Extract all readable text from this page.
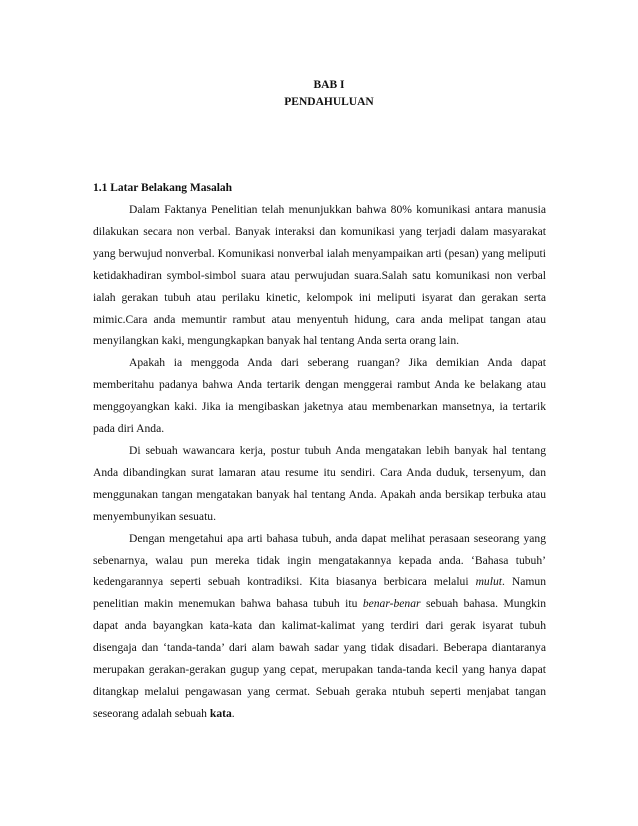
BAB I
PENDAHULUAN
1.1 Latar Belakang Masalah

Dalam Faktanya Penelitian telah menunjukkan bahwa 80% komunikasi antara manusia dilakukan secara non verbal. Banyak interaksi dan komunikasi yang terjadi dalam masyarakat yang berwujud nonverbal. Komunikasi nonverbal ialah menyampaikan arti (pesan) yang meliputi ketidakhadiran symbol-simbol suara atau perwujudan suara.Salah satu komunikasi non verbal ialah gerakan tubuh atau perilaku kinetic, kelompok ini meliputi isyarat dan gerakan serta mimic.Cara anda memuntir rambut atau menyentuh hidung, cara anda melipat tangan atau menyilangkan kaki, mengungkapkan banyak hal tentang Anda serta orang lain.

Apakah ia menggoda Anda dari seberang ruangan? Jika demikian Anda dapat memberitahu padanya bahwa Anda tertarik dengan menggerai rambut Anda ke belakang atau menggoyangkan kaki. Jika ia mengibaskan jaketnya atau membenarkan mansetnya, ia tertarik pada diri Anda.

Di sebuah wawancara kerja, postur tubuh Anda mengatakan lebih banyak hal tentang Anda dibandingkan surat lamaran atau resume itu sendiri. Cara Anda duduk, tersenyum, dan menggunakan tangan mengatakan banyak hal tentang Anda. Apakah anda bersikap terbuka atau menyembunyikan sesuatu.

Dengan mengetahui apa arti bahasa tubuh, anda dapat melihat perasaan seseorang yang sebenarnya, walau pun mereka tidak ingin mengatakannya kepada anda. ‘Bahasa tubuh’ kedengarannya seperti sebuah kontradiksi. Kita biasanya berbicara melalui mulut. Namun penelitian makin menemukan bahwa bahasa tubuh itu benar-benar sebuah bahasa. Mungkin dapat anda bayangkan kata-kata dan kalimat-kalimat yang terdiri dari gerak isyarat tubuh disengaja dan ‘tanda-tanda’ dari alam bawah sadar yang tidak disadari. Beberapa diantaranya merupakan gerakan-gerakan gugup yang cepat, merupakan tanda-tanda kecil yang hanya dapat ditangkap melalui pengawasan yang cermat. Sebuah geraka ntubuh seperti menjabat tangan seseorang adalah sebuah kata.
